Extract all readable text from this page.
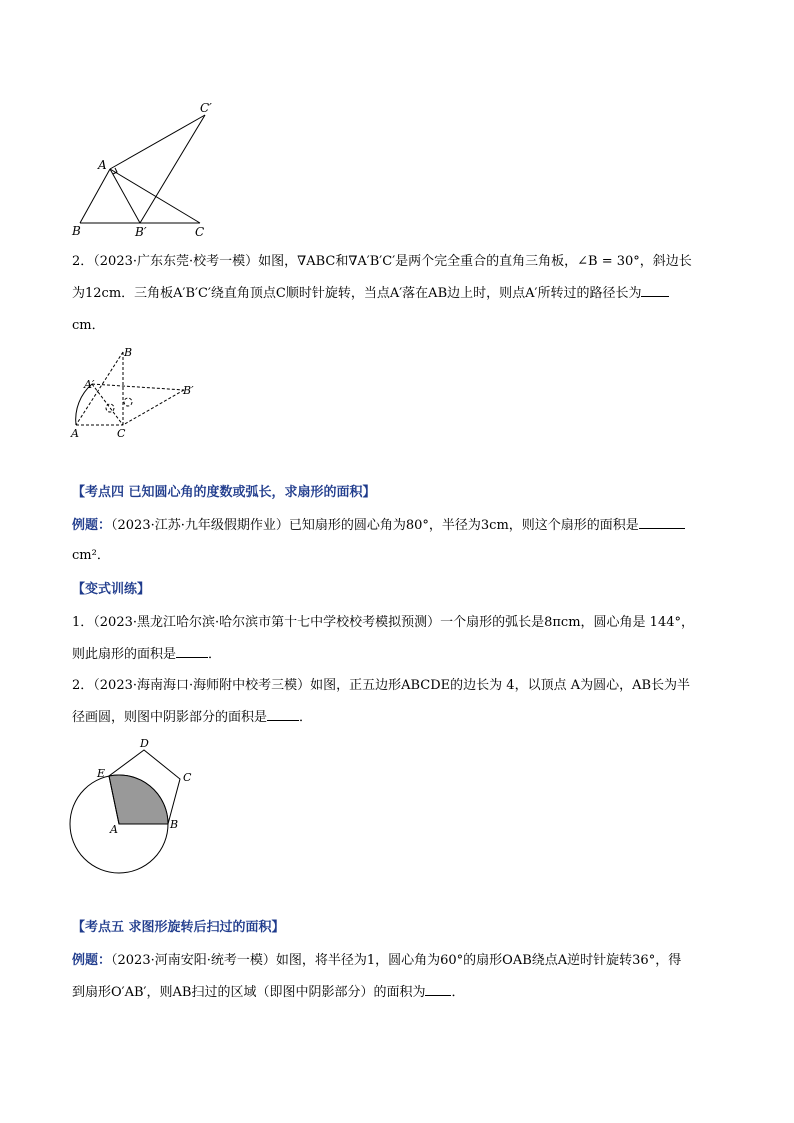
C′
A
B	B′	C
2．（2023·广东东莞·校考一模）如图，∇ABC和∇A′B′C′是两个完全重合的直角三角板，∠B = 30°，斜边长
为12cm．三角板A′B′C′绕直角顶点C顺时针旋转，当点A′落在AB边上时，则点A′所转过的路径长为
cm．
B
A′	B′
A	C
【考点四 已知圆心角的度数或弧长，求扇形的面积】
例题：（2023·江苏·九年级假期作业）已知扇形的圆心角为80°，半径为3cm，则这个扇形的面积是
cm²．
【变式训练】
1．（2023·黑龙江哈尔滨·哈尔滨市第十七中学校校考模拟预测）一个扇形的弧长是8πcm，圆心角是 144°，
则此扇形的面积是 ．
2．（2023·海南海口·海师附中校考三模）如图，正五边形ABCDE的边长为 4，以顶点 A为圆心，AB长为半
径画圆，则图中阴影部分的面积是 ．
D
E	C
A	B
【考点五 求图形旋转后扫过的面积】
例题：（2023·河南安阳·统考一模）如图，将半径为1，圆心角为60°的扇形OAB绕点A逆时针旋转36°，得
到扇形O′AB′，则AB扫过的区域（即图中阴影部分）的面积为 ．
